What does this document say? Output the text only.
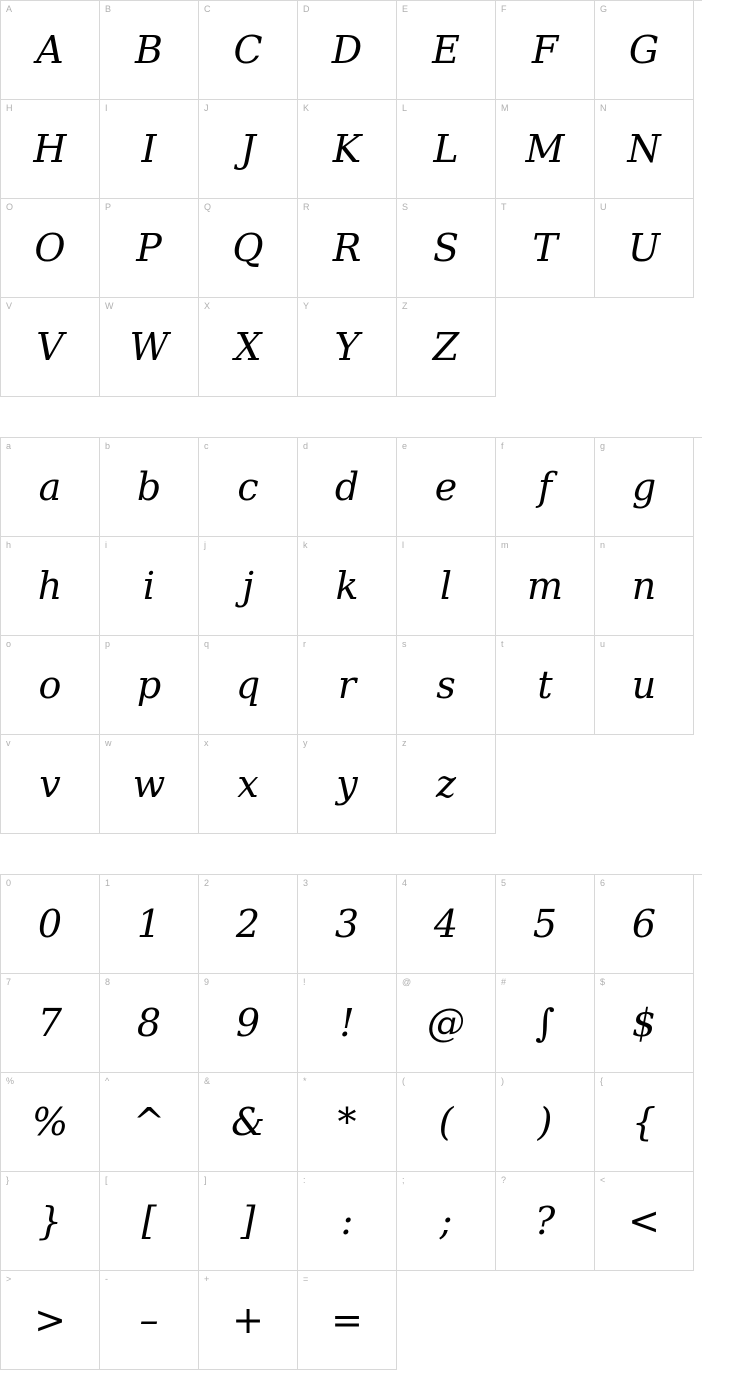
A
A
B
B
C
C
D
D
E
E
F
F
G
G
H
H
I
I
J
J
K
K
L
L
M
M
N
N
O
O
P
P
Q
Q
R
R
S
S
T
T
U
U
V
V
W
W
X
X
Y
Y
Z
Z
a
a
b
b
c
c
d
d
e
e
f
f
g
g
h
h
i
i
j
j
k
k
l
l
m
m
n
n
o
o
p
p
q
q
r
r
s
s
t
t
u
u
v
v
w
w
x
x
y
y
z
z
0
0
1
1
2
2
3
3
4
4
5
5
6
6
7
7
8
8
9
9
!
!
@
@
#
∫
$
$
%
%
^
^
&
&
*
*
(
(
)
)
{
{
}
}
[
[
]
]
:
:
;
;
?
?
<
<
>
>
-
–
+
+
=
=
